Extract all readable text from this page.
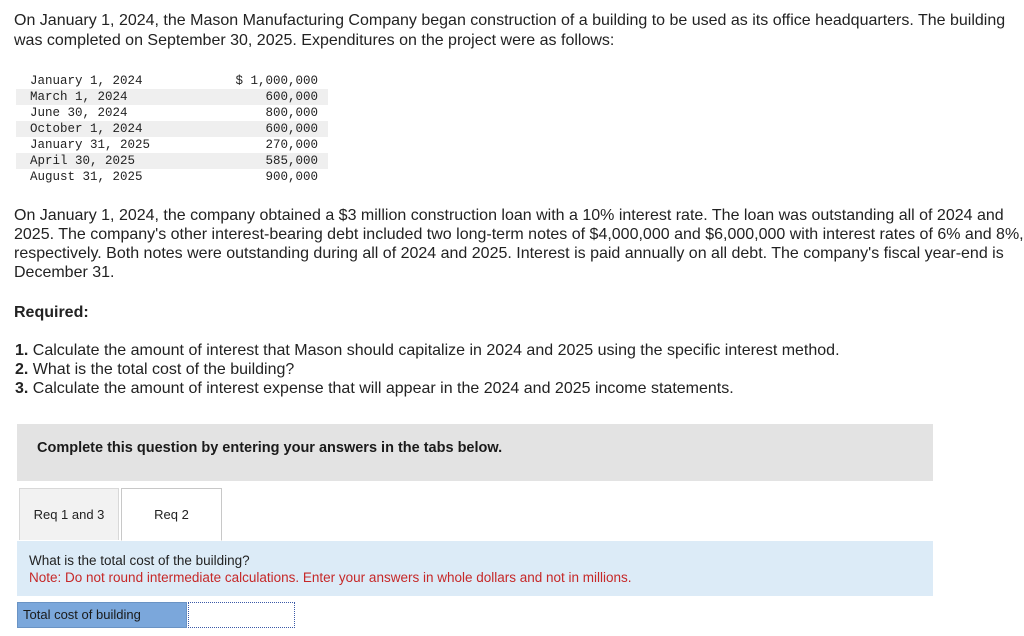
On January 1, 2024, the Mason Manufacturing Company began construction of a building to be used as its office headquarters. The building was completed on September 30, 2025. Expenditures on the project were as follows:

January 1, 2024	$ 1,000,000
March 1, 2024	600,000
June 30, 2024	800,000
October 1, 2024	600,000
January 31, 2025	270,000
April 30, 2025	585,000
August 31, 2025	900,000

On January 1, 2024, the company obtained a $3 million construction loan with a 10% interest rate. The loan was outstanding all of 2024 and 2025. The company's other interest-bearing debt included two long-term notes of $4,000,000 and $6,000,000 with interest rates of 6% and 8%, respectively. Both notes were outstanding during all of 2024 and 2025. Interest is paid annually on all debt. The company's fiscal year-end is December 31.

Required:

1. Calculate the amount of interest that Mason should capitalize in 2024 and 2025 using the specific interest method.
2. What is the total cost of the building?
3. Calculate the amount of interest expense that will appear in the 2024 and 2025 income statements.
Complete this question by entering your answers in the tabs below.
Req 1 and 3	Req 2
What is the total cost of the building?
Note: Do not round intermediate calculations. Enter your answers in whole dollars and not in millions.
Total cost of building
